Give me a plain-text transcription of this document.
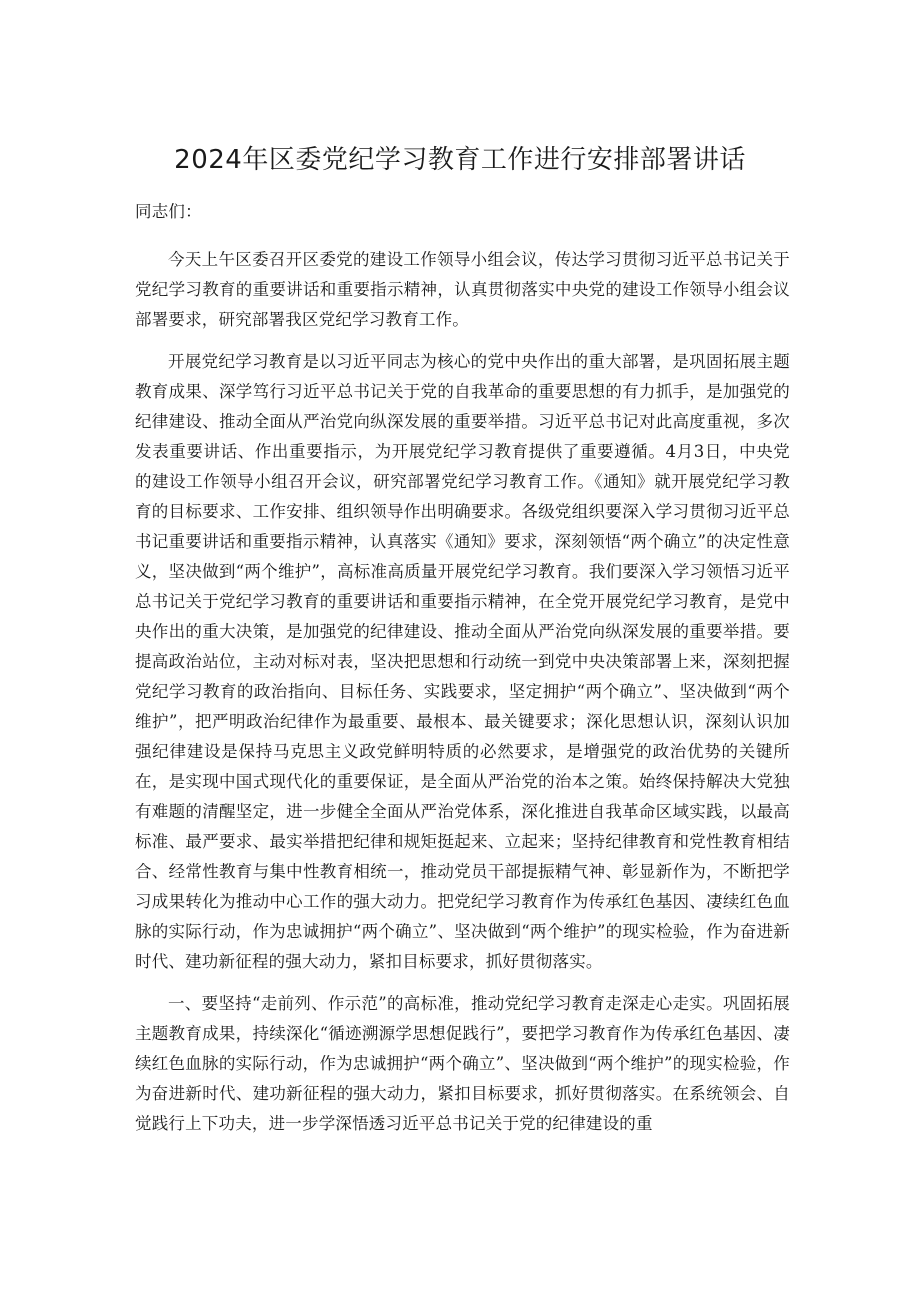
2024年区委党纪学习教育工作进行安排部署讲话

同志们：

今天上午区委召开区委党的建设工作领导小组会议，传达学习贯彻习近平总书记关于党纪学习教育的重要讲话和重要指示精神，认真贯彻落实中央党的建设工作领导小组会议部署要求，研究部署我区党纪学习教育工作。

开展党纪学习教育是以习近平同志为核心的党中央作出的重大部署，是巩固拓展主题教育成果、深学笃行习近平总书记关于党的自我革命的重要思想的有力抓手，是加强党的纪律建设、推动全面从严治党向纵深发展的重要举措。习近平总书记对此高度重视，多次发表重要讲话、作出重要指示，为开展党纪学习教育提供了重要遵循。4月3日，中央党的建设工作领导小组召开会议，研究部署党纪学习教育工作。《通知》就开展党纪学习教育的目标要求、工作安排、组织领导作出明确要求。各级党组织要深入学习贯彻习近平总书记重要讲话和重要指示精神，认真落实《通知》要求，深刻领悟“两个确立”的决定性意义，坚决做到“两个维护”，高标准高质量开展党纪学习教育。我们要深入学习领悟习近平总书记关于党纪学习教育的重要讲话和重要指示精神，在全党开展党纪学习教育，是党中央作出的重大决策，是加强党的纪律建设、推动全面从严治党向纵深发展的重要举措。要提高政治站位，主动对标对表，坚决把思想和行动统一到党中央决策部署上来，深刻把握党纪学习教育的政治指向、目标任务、实践要求，坚定拥护“两个确立”、坚决做到“两个维护”，把严明政治纪律作为最重要、最根本、最关键要求；深化思想认识，深刻认识加强纪律建设是保持马克思主义政党鲜明特质的必然要求，是增强党的政治优势的关键所在，是实现中国式现代化的重要保证，是全面从严治党的治本之策。始终保持解决大党独有难题的清醒坚定，进一步健全全面从严治党体系，深化推进自我革命区域实践，以最高标准、最严要求、最实举措把纪律和规矩挺起来、立起来；坚持纪律教育和党性教育相结合、经常性教育与集中性教育相统一，推动党员干部提振精气神、彰显新作为，不断把学习成果转化为推动中心工作的强大动力。把党纪学习教育作为传承红色基因、凄续红色血脉的实际行动，作为忠诚拥护“两个确立”、坚决做到“两个维护”的现实检验，作为奋进新时代、建功新征程的强大动力，紧扣目标要求，抓好贯彻落实。

一、要坚持“走前列、作示范”的高标准，推动党纪学习教育走深走心走实。巩固拓展主题教育成果，持续深化“循迹溯源学思想促践行”，要把学习教育作为传承红色基因、凄续红色血脉的实际行动，作为忠诚拥护“两个确立”、坚决做到“两个维护”的现实检验，作为奋进新时代、建功新征程的强大动力，紧扣目标要求，抓好贯彻落实。在系统领会、自觉践行上下功夫，进一步学深悟透习近平总书记关于党的纪律建设的重
